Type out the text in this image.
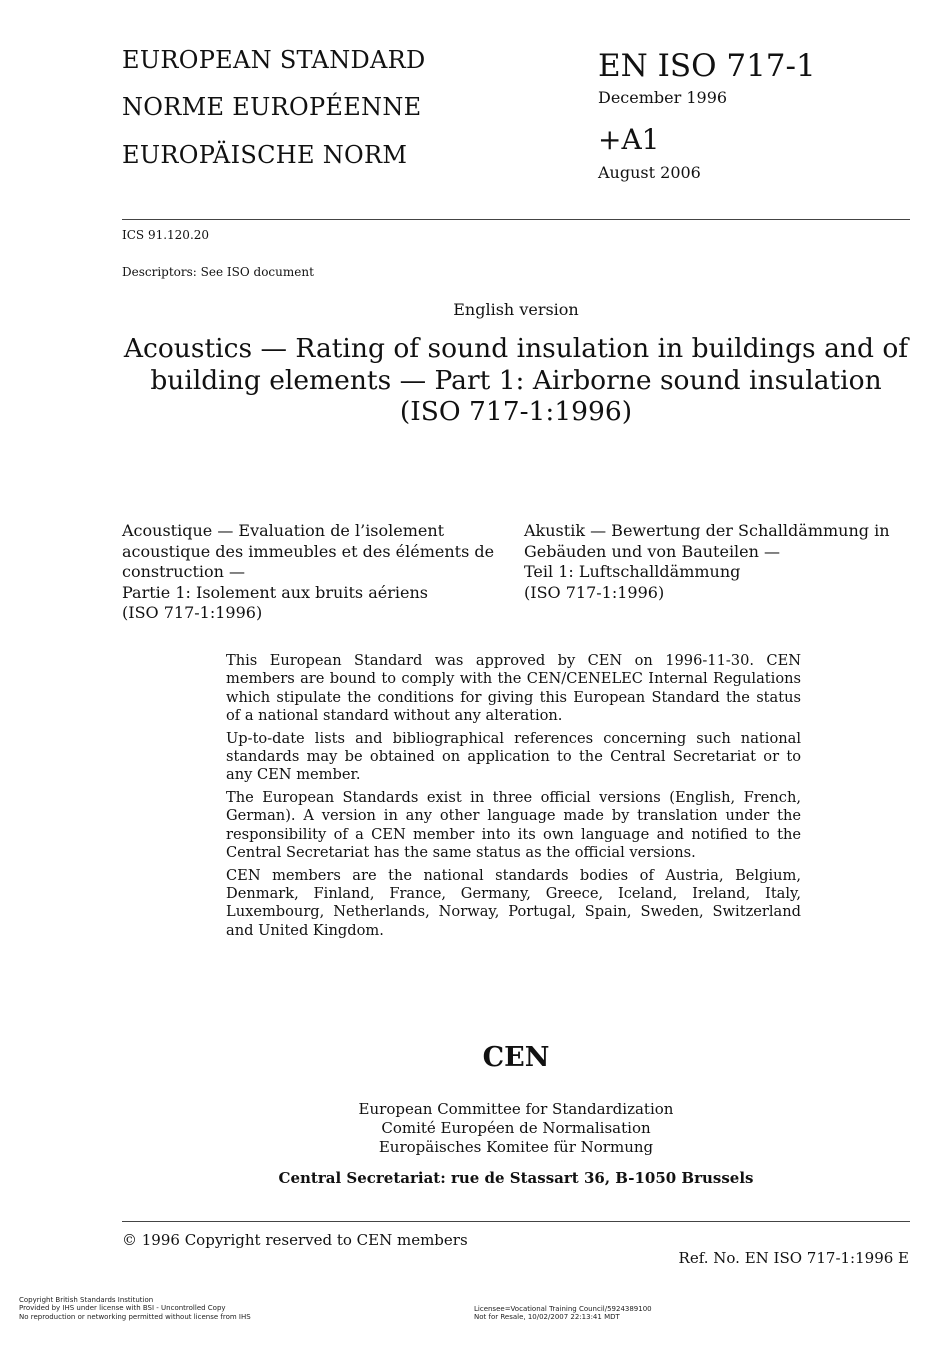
EUROPEAN STANDARD
NORME EUROPÉENNE
EUROPÄISCHE NORM
EN ISO 717-1
December 1996
+A1
August 2006
ICS 91.120.20
Descriptors: See ISO document
English version
Acoustics — Rating of sound insulation in buildings and of building elements — Part 1: Airborne sound insulation (ISO 717-1:1996)
Acoustique — Evaluation de l’isolement
acoustique des immeubles et des éléments de
construction —
Partie 1: Isolement aux bruits aériens
(ISO 717-1:1996)
Akustik — Bewertung der Schalldämmung in
Gebäuden und von Bauteilen —
Teil 1: Luftschalldämmung
(ISO 717-1:1996)

This European Standard was approved by CEN on 1996-11-30. CEN members are bound to comply with the CEN/CENELEC Internal Regulations which stipulate the conditions for giving this European Standard the status of a national standard without any alteration.

Up-to-date lists and bibliographical references concerning such national standards may be obtained on application to the Central Secretariat or to any CEN member.

The European Standards exist in three official versions (English, French, German). A version in any other language made by translation under the responsibility of a CEN member into its own language and notified to the Central Secretariat has the same status as the official versions.

CEN members are the national standards bodies of Austria, Belgium, Denmark, Finland, France, Germany, Greece, Iceland, Ireland, Italy, Luxembourg, Netherlands, Norway, Portugal, Spain, Sweden, Switzerland and United Kingdom.

CEN
European Committee for Standardization
Comité Européen de Normalisation
Europäisches Komitee für Normung
Central Secretariat: rue de Stassart 36, B-1050 Brussels
© 1996 Copyright reserved to CEN members
Ref. No. EN ISO 717-1:1996 E
Copyright British Standards Institution
Provided by IHS under license with BSI - Uncontrolled Copy
No reproduction or networking permitted without license from IHS
Licensee=Vocational Training Council/5924389100
Not for Resale, 10/02/2007 22:13:41 MDT
